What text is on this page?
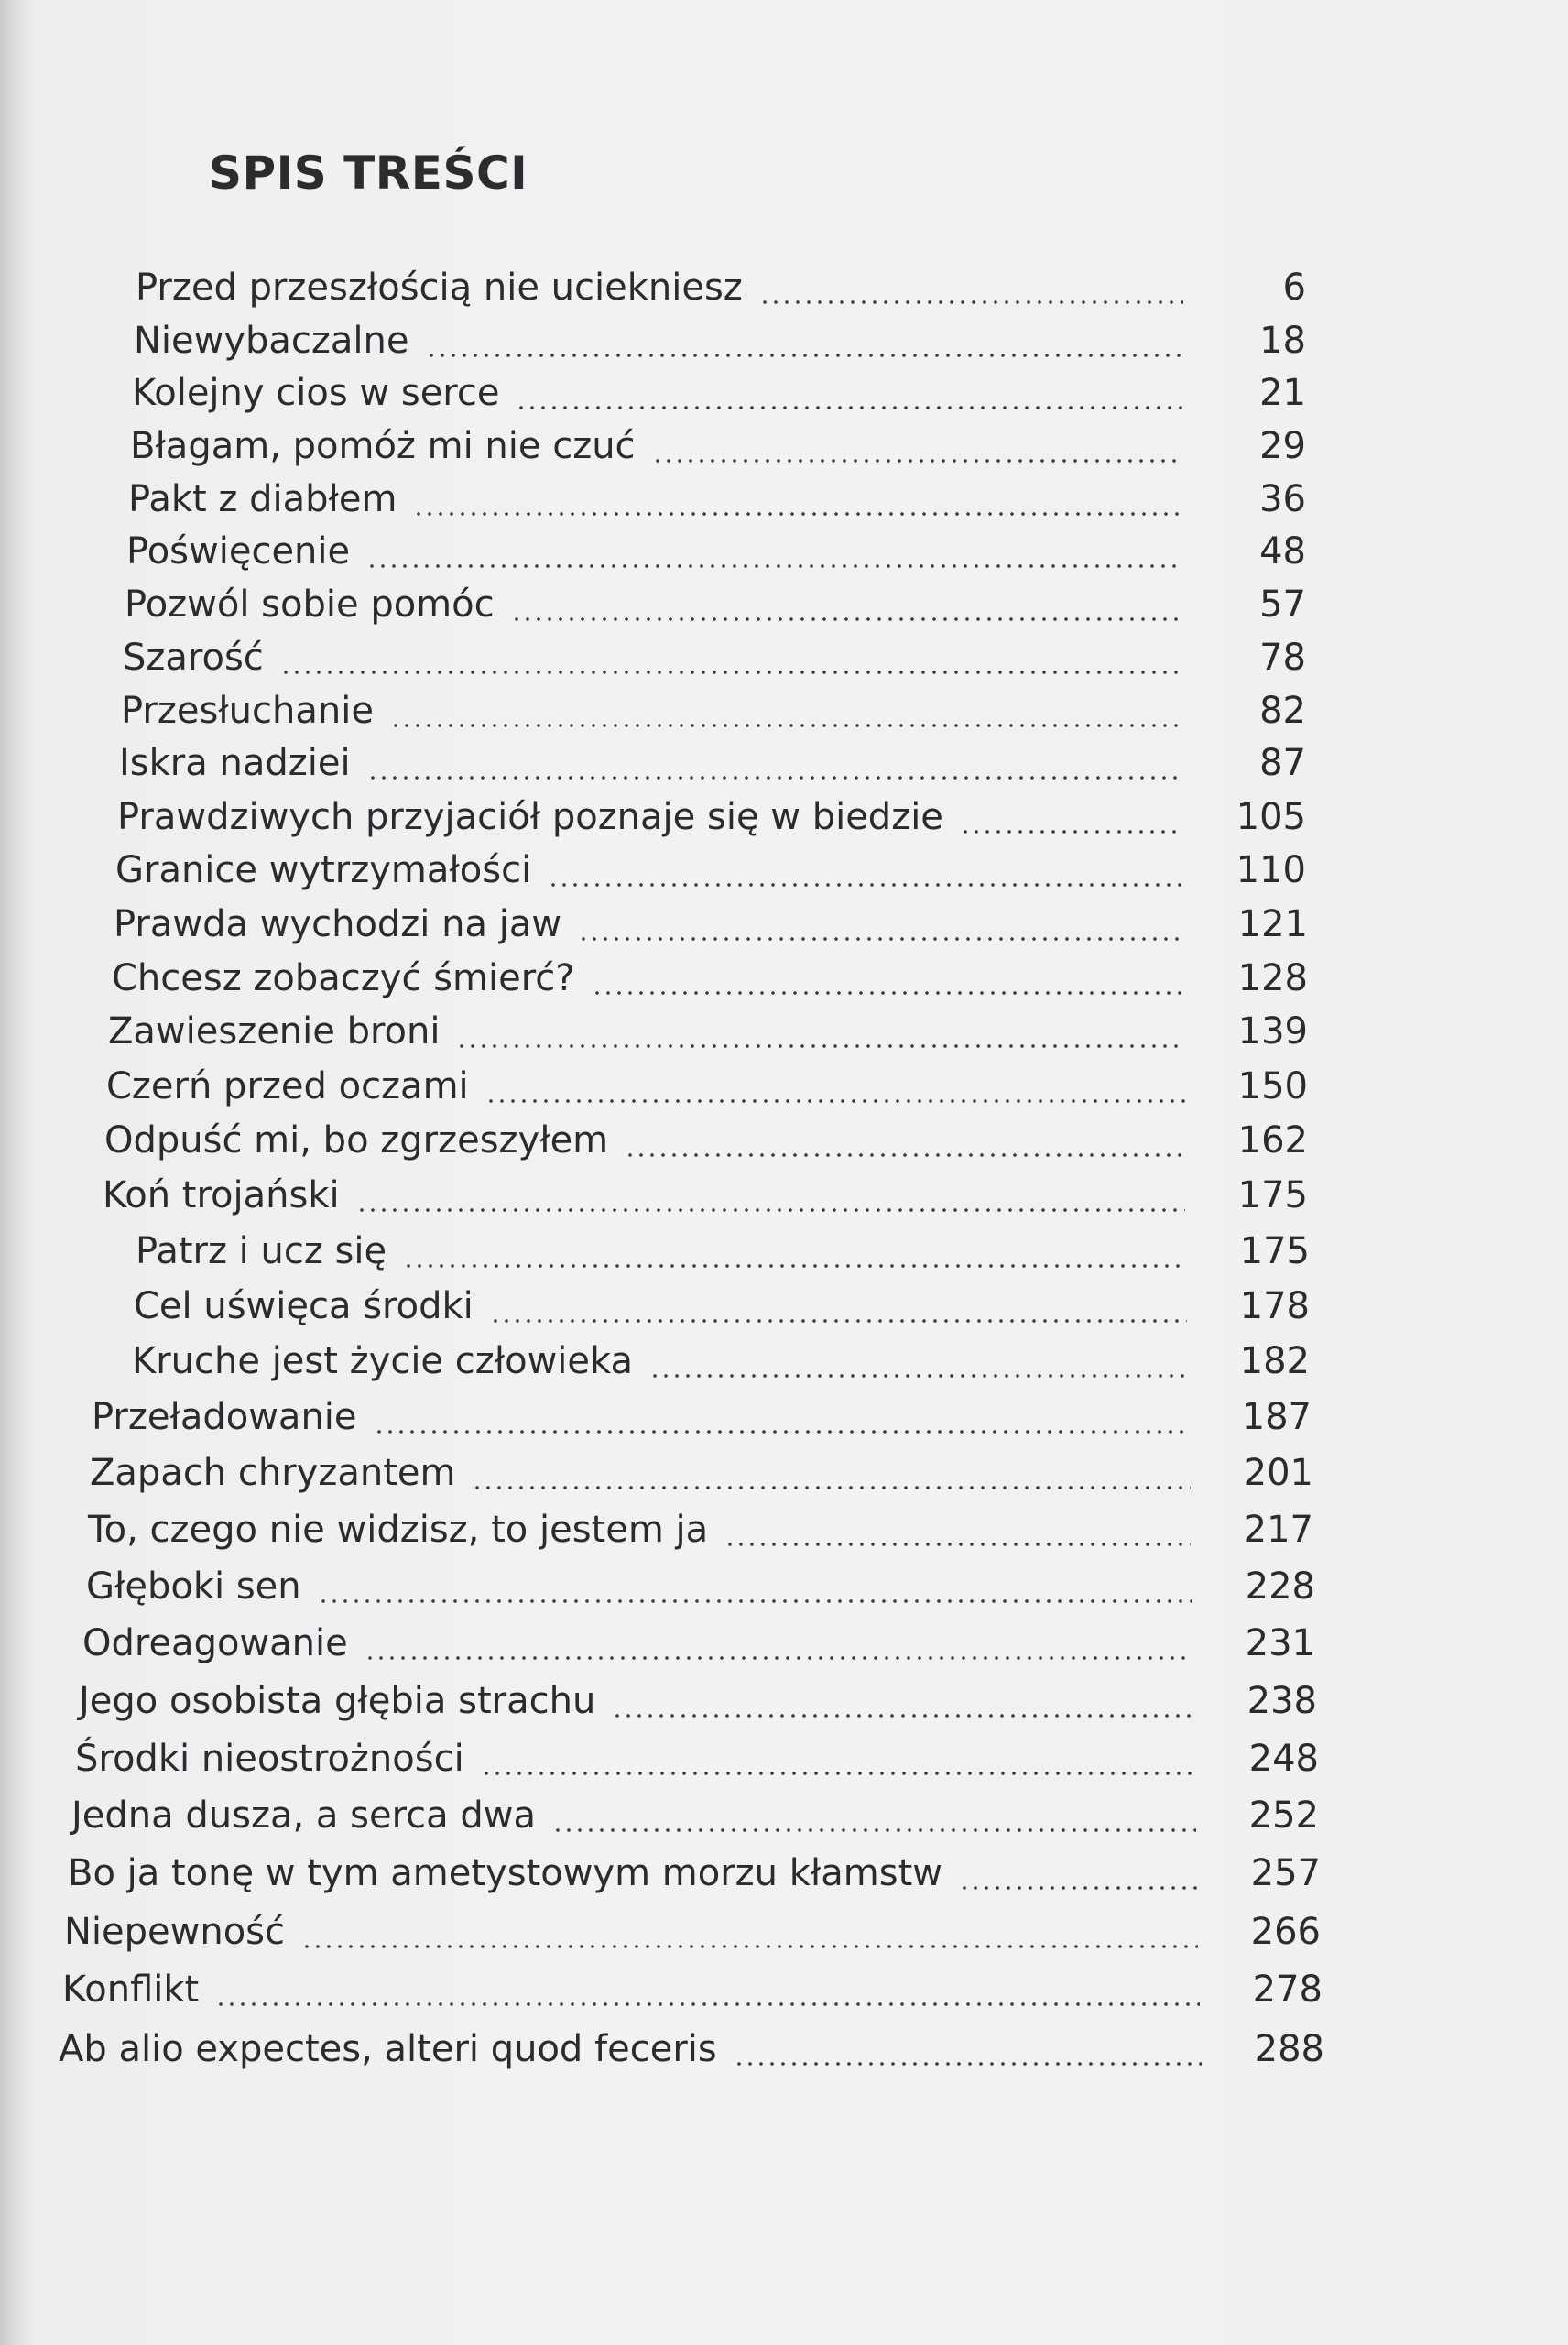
SPIS TREŚCI
Przed przeszłością nie uciekniesz	6
Niewybaczalne	18
Kolejny cios w serce	21
Błagam, pomóż mi nie czuć	29
Pakt z diabłem	36
Poświęcenie	48
Pozwól sobie pomóc	57
Szarość	78
Przesłuchanie	82
Iskra nadziei	87
Prawdziwych przyjaciół poznaje się w biedzie	105
Granice wytrzymałości	110
Prawda wychodzi na jaw	121
Chcesz zobaczyć śmierć?	128
Zawieszenie broni	139
Czerń przed oczami	150
Odpuść mi, bo zgrzeszyłem	162
Koń trojański	175
Patrz i ucz się	175
Cel uświęca środki	178
Kruche jest życie człowieka	182
Przeładowanie	187
Zapach chryzantem	201
To, czego nie widzisz, to jestem ja	217
Głęboki sen	228
Odreagowanie	231
Jego osobista głębia strachu	238
Środki nieostrożności	248
Jedna dusza, a serca dwa	252
Bo ja tonę w tym ametystowym morzu kłamstw	257
Niepewność	266
Konflikt	278
Ab alio expectes, alteri quod feceris	288
